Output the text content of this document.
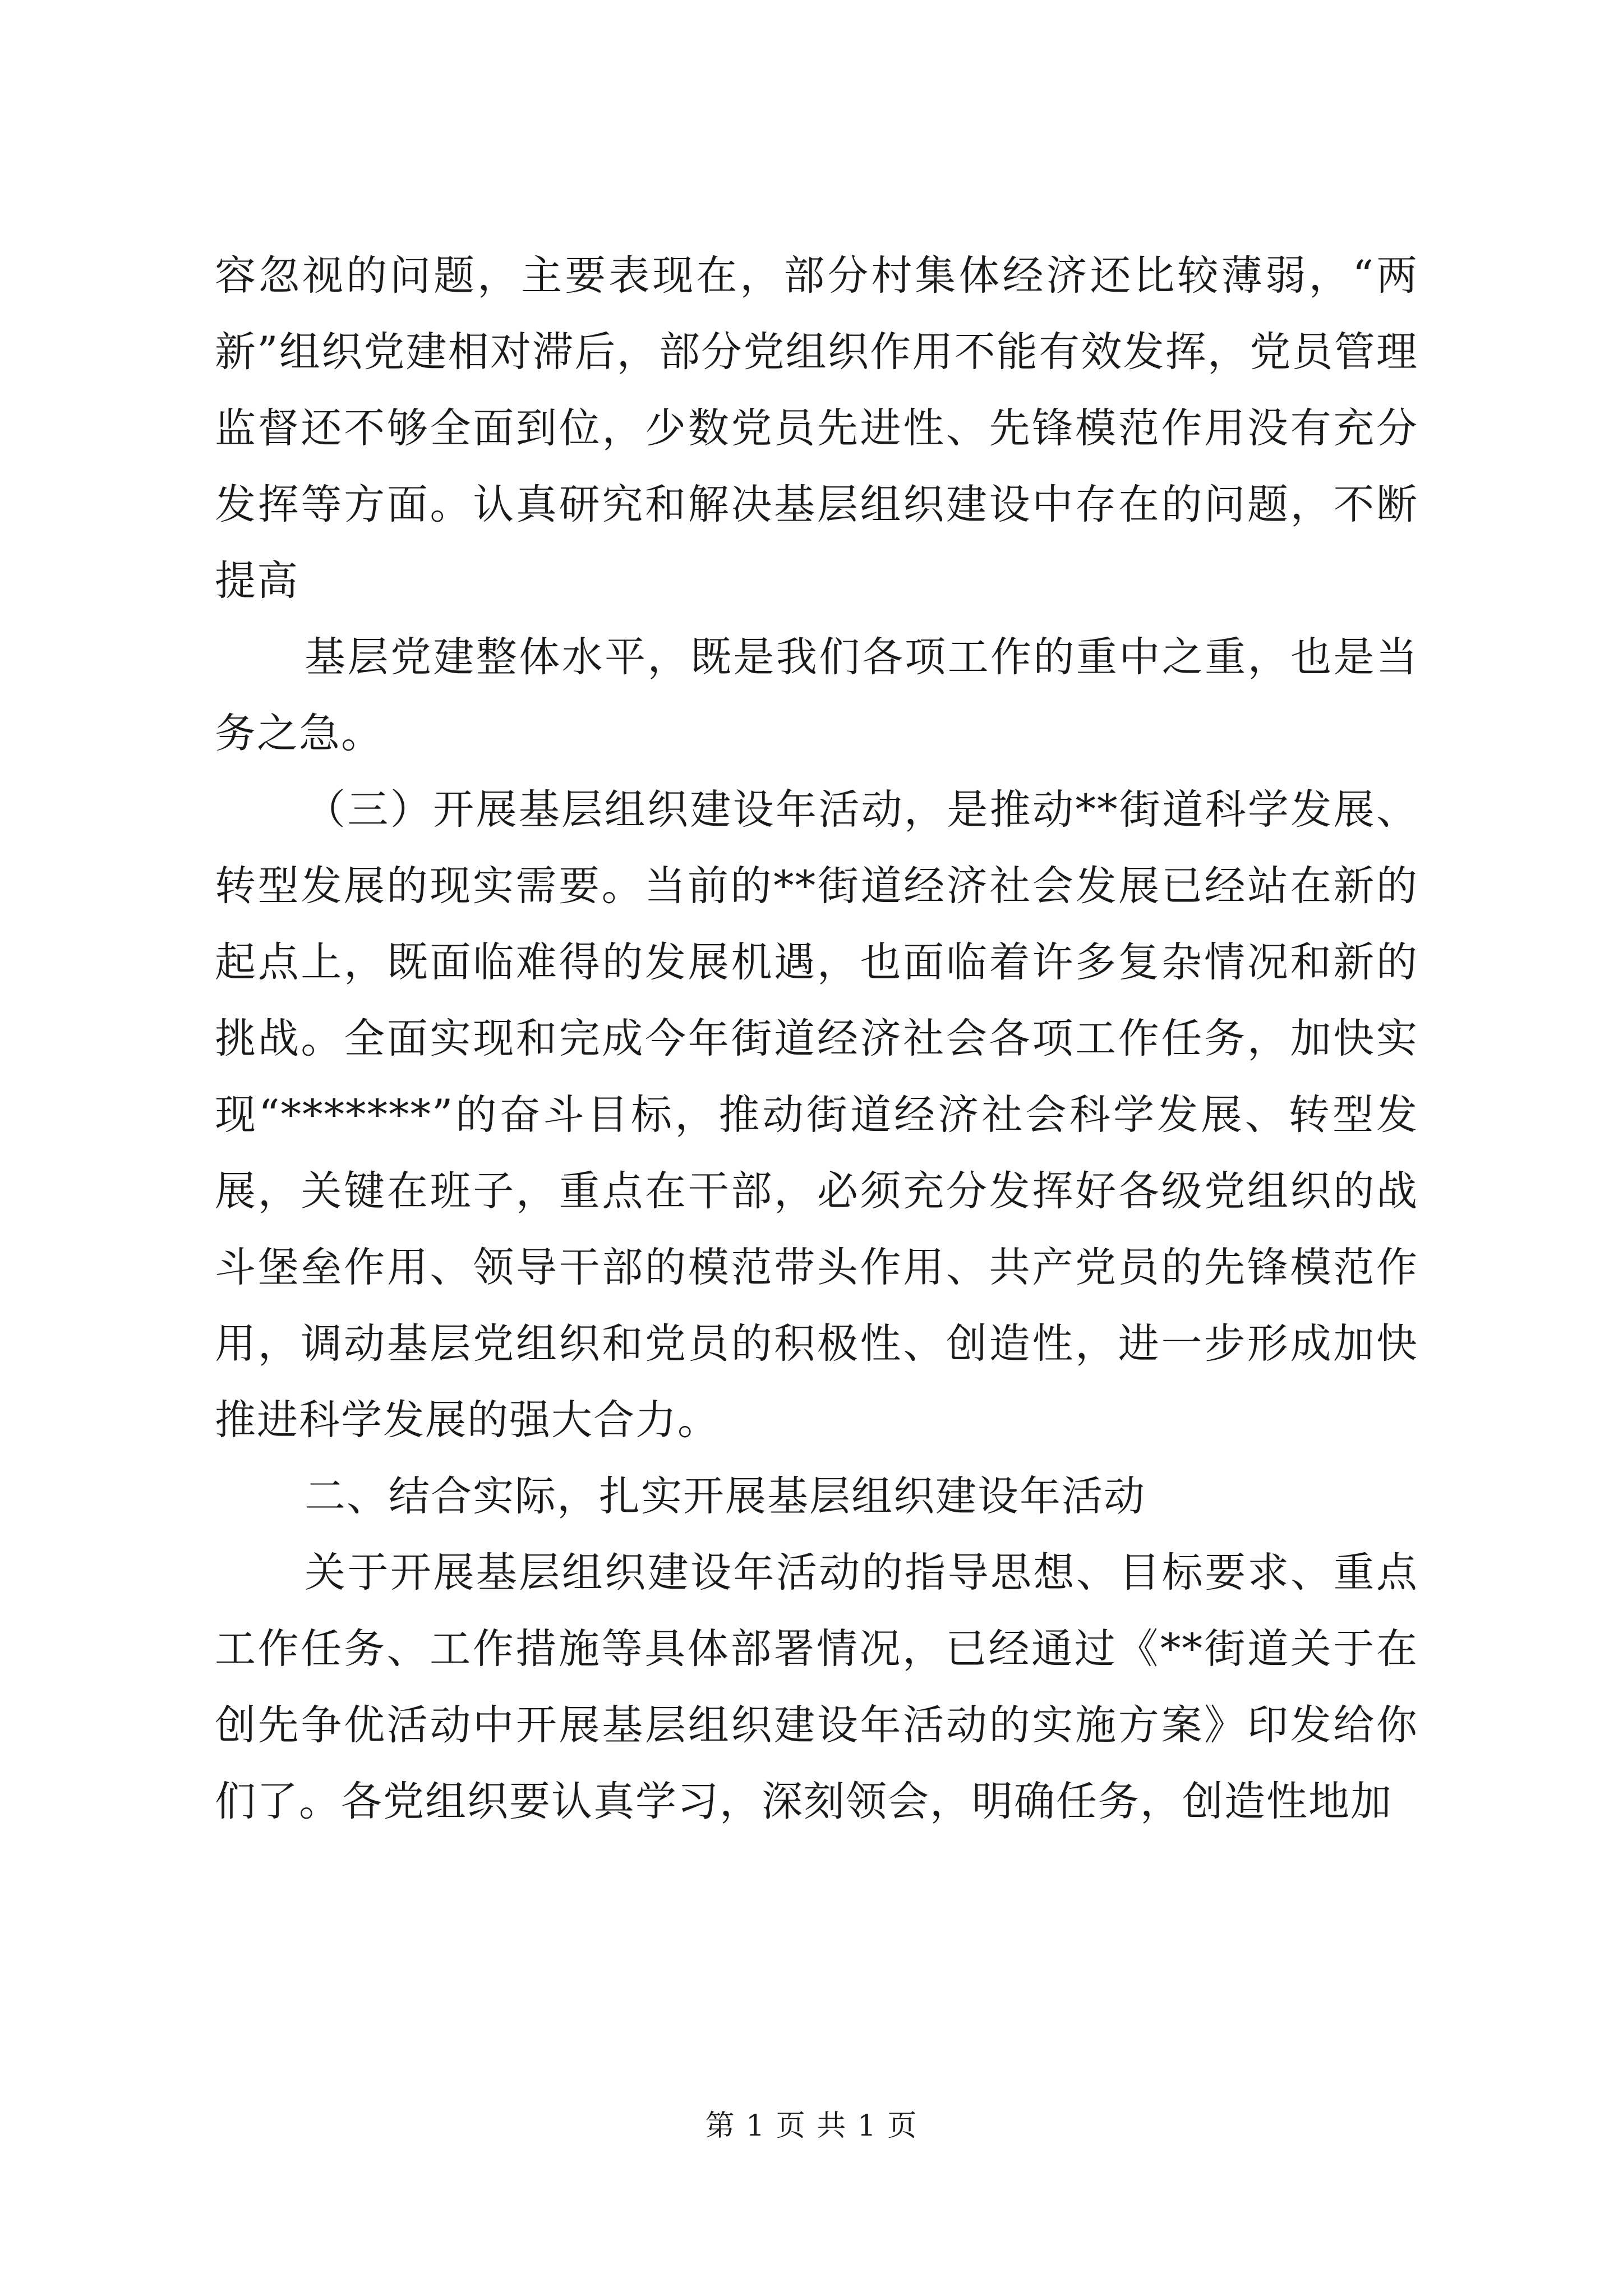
容忽视的问题，主要表现在，部分村集体经济还比较薄弱，“两新”组织党建相对滞后，部分党组织作用不能有效发挥，党员管理监督还不够全面到位，少数党员先进性、先锋模范作用没有充分发挥等方面。认真研究和解决基层组织建设中存在的问题，不断提高

基层党建整体水平，既是我们各项工作的重中之重，也是当务之急。

（三）开展基层组织建设年活动，是推动**街道科学发展、转型发展的现实需要。当前的**街道经济社会发展已经站在新的起点上，既面临难得的发展机遇，也面临着许多复杂情况和新的挑战。全面实现和完成今年街道经济社会各项工作任务，加快实现“*******”的奋斗目标，推动街道经济社会科学发展、转型发展，关键在班子，重点在干部，必须充分发挥好各级党组织的战斗堡垒作用、领导干部的模范带头作用、共产党员的先锋模范作用，调动基层党组织和党员的积极性、创造性，进一步形成加快推进科学发展的强大合力。

二、结合实际，扎实开展基层组织建设年活动

关于开展基层组织建设年活动的指导思想、目标要求、重点工作任务、工作措施等具体部署情况，已经通过《**街道关于在创先争优活动中开展基层组织建设年活动的实施方案》印发给你们了。各党组织要认真学习，深刻领会，明确任务，创造性地加

第 1 页 共 1 页
